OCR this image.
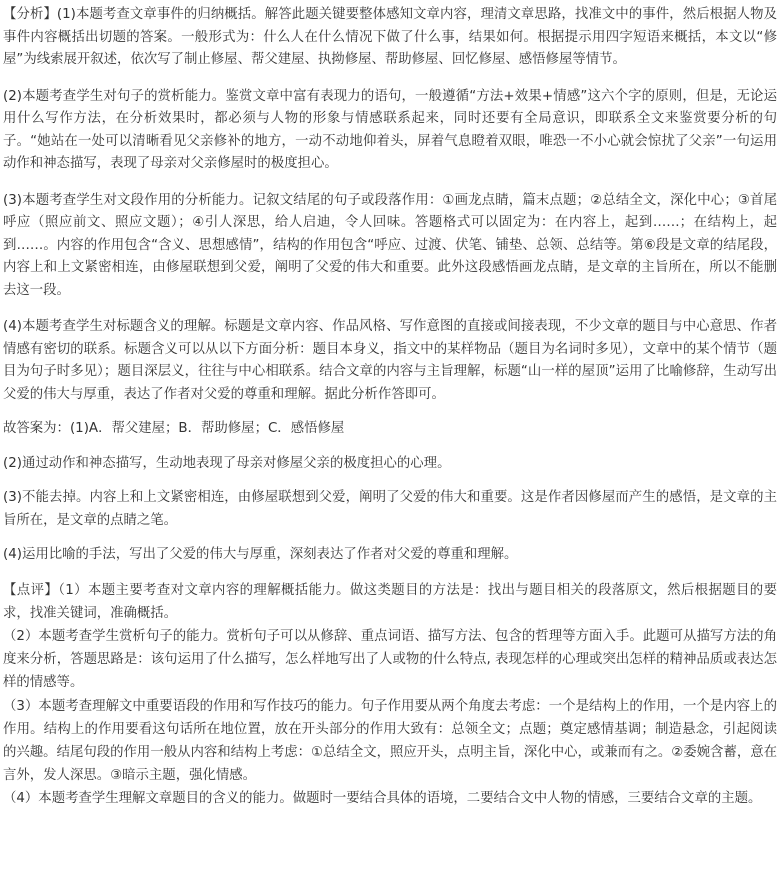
【分析】(1)本题考查文章事件的归纳概括。解答此题关键要整体感知文章内容，理清文章思路，找准文中的事件，然后根据人物及事件内容概括出切题的答案。一般形式为：什么人在什么情况下做了什么事，结果如何。根据提示用四字短语来概括，本文以“修屋”为线索展开叙述，依次写了制止修屋、帮父建屋、执拗修屋、帮助修屋、回忆修屋、感悟修屋等情节。

(2)本题考查学生对句子的赏析能力。鉴赏文章中富有表现力的语句，一般遵循“方法+效果+情感”这六个字的原则，但是，无论运用什么写作方法，在分析效果时，都必须与人物的形象与情感联系起来，同时还要有全局意识，即联系全文来鉴赏要分析的句子。“她站在一处可以清晰看见父亲修补的地方，一动不动地仰着头，屏着气息瞪着双眼，唯恐一不小心就会惊扰了父亲”一句运用动作和神态描写，表现了母亲对父亲修屋时的极度担心。

(3)本题考查学生对文段作用的分析能力。记叙文结尾的句子或段落作用：①画龙点睛，篇末点题；②总结全文，深化中心；③首尾呼应（照应前文、照应文题）；④引人深思，给人启迪，令人回味。答题格式可以固定为：在内容上，起到……；在结构上，起到……。内容的作用包含“含义、思想感情”，结构的作用包含“呼应、过渡、伏笔、铺垫、总领、总结等。第⑥段是文章的结尾段，内容上和上文紧密相连，由修屋联想到父爱，阐明了父爱的伟大和重要。此外这段感悟画龙点睛，是文章的主旨所在，所以不能删去这一段。

(4)本题考查学生对标题含义的理解。标题是文章内容、作品风格、写作意图的直接或间接表现，不少文章的题目与中心意思、作者情感有密切的联系。标题含义可以从以下方面分析：题目本身义，指文中的某样物品（题目为名词时多见），文章中的某个情节（题目为句子时多见）；题目深层义，往往与中心相联系。结合文章的内容与主旨理解，标题“山一样的屋顶”运用了比喻修辞，生动写出父爱的伟大与厚重，表达了作者对父爱的尊重和理解。据此分析作答即可。

故答案为：(1)A．帮父建屋；B．帮助修屋；C．感悟修屋

(2)通过动作和神态描写，生动地表现了母亲对修屋父亲的极度担心的心理。

(3)不能去掉。内容上和上文紧密相连，由修屋联想到父爱，阐明了父爱的伟大和重要。这是作者因修屋而产生的感悟，是文章的主旨所在，是文章的点睛之笔。

(4)运用比喻的手法，写出了父爱的伟大与厚重，深刻表达了作者对父爱的尊重和理解。

【点评】（1）本题主要考查对文章内容的理解概括能力。做这类题目的方法是：找出与题目相关的段落原文，然后根据题目的要求，找准关键词，准确概括。

（2）本题考查学生赏析句子的能力。赏析句子可以从修辞、重点词语、描写方法、包含的哲理等方面入手。此题可从描写方法的角度来分析，答题思路是：该句运用了什么描写，怎么样地写出了人或物的什么特点, 表现怎样的心理或突出怎样的精神品质或表达怎样的情感等。

（3）本题考查理解文中重要语段的作用和写作技巧的能力。句子作用要从两个角度去考虑：一个是结构上的作用，一个是内容上的作用。结构上的作用要看这句话所在地位置，放在开头部分的作用大致有：总领全文；点题；奠定感情基调；制造悬念，引起阅读的兴趣。结尾句段的作用一般从内容和结构上考虑：①总结全文，照应开头，点明主旨，深化中心，或兼而有之。②委婉含蓄，意在言外，发人深思。③暗示主题，强化情感。

（4）本题考查学生理解文章题目的含义的能力。做题时一要结合具体的语境，二要结合文中人物的情感，三要结合文章的主题。
